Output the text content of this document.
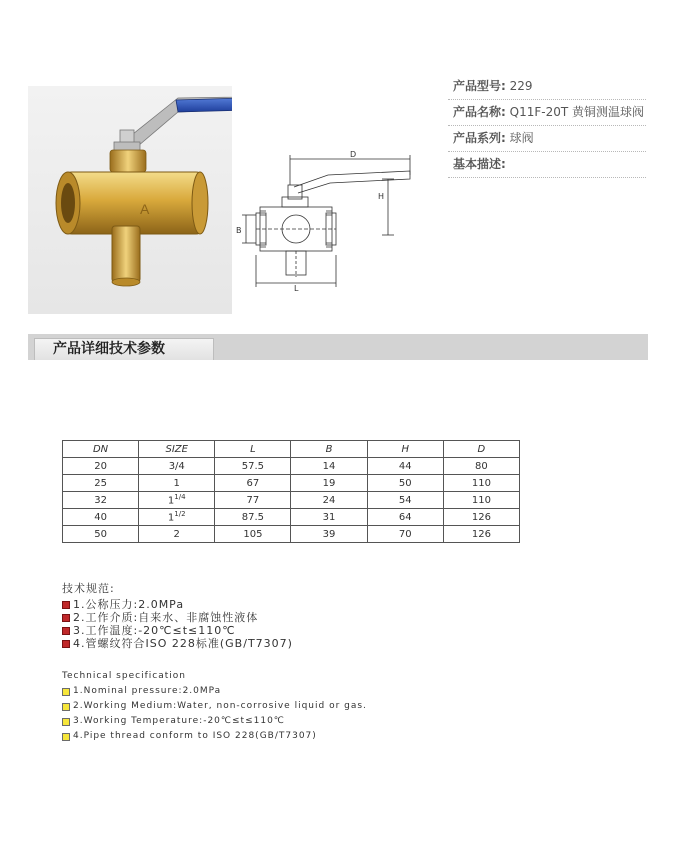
A
D
H
B
L
产品型号: 229
产品名称: Q11F-20T 黄铜测温球阀
产品系列: 球阀
基本描述:
产品详细技术参数
DN	SIZE	L	B	H	D
20	3/4	57.5	14	44	80
25	1	67	19	50	110
32	$1^{1/4}$	77	24	54	110
40	$1^{1/2}$	87.5	31	64	126
50	2	105	39	70	126
技术规范:
1.公称压力:2.0MPa
2.工作介质:自来水、非腐蚀性液体
3.工作温度:-20℃≤t≤110℃
4.管螺纹符合ISO 228标准(GB/T7307)
Technical specification
1.Nominal pressure:2.0MPa
2.Working Medium:Water, non-corrosive liquid or gas.
3.Working Temperature:-20℃≤t≤110℃
4.Pipe thread conform to ISO 228(GB/T7307)
